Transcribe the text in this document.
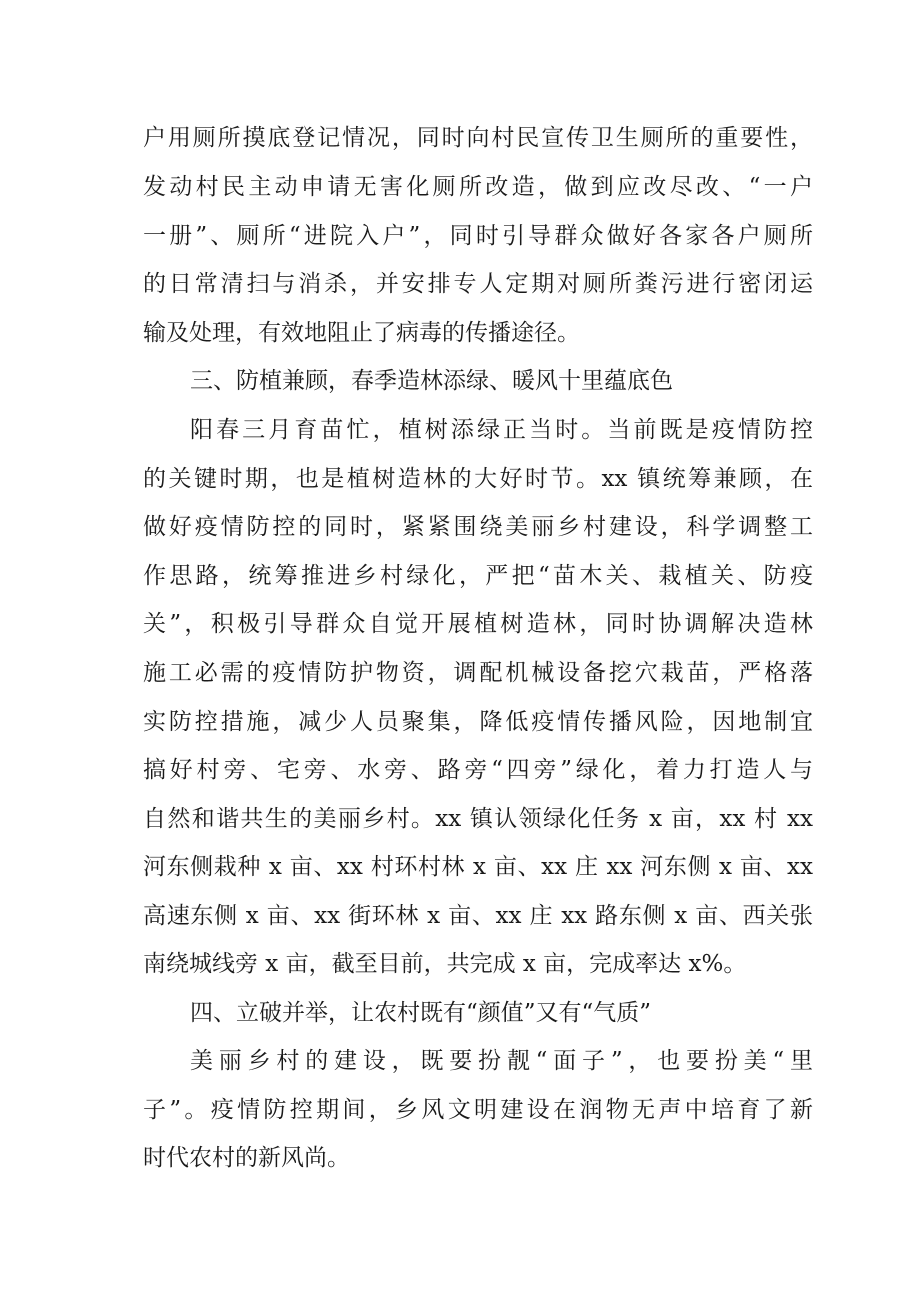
户用厕所摸底登记情况，同时向村民宣传卫生厕所的重要性，
发动村民主动申请无害化厕所改造，做到应改尽改、“一户
一册”、厕所“进院入户”，同时引导群众做好各家各户厕所
的日常清扫与消杀，并安排专人定期对厕所粪污进行密闭运
输及处理，有效地阻止了病毒的传播途径。
三、防植兼顾，春季造林添绿、暖风十里蕴底色
阳春三月育苗忙，植树添绿正当时。当前既是疫情防控
的关键时期，也是植树造林的大好时节。xx 镇统筹兼顾，在
做好疫情防控的同时，紧紧围绕美丽乡村建设，科学调整工
作思路，统筹推进乡村绿化，严把“苗木关、栽植关、防疫
关”，积极引导群众自觉开展植树造林，同时协调解决造林
施工必需的疫情防护物资，调配机械设备挖穴栽苗，严格落
实防控措施，减少人员聚集，降低疫情传播风险，因地制宜
搞好村旁、宅旁、水旁、路旁“四旁”绿化，着力打造人与
自然和谐共生的美丽乡村。xx 镇认领绿化任务 x 亩，xx 村 xx
河东侧栽种 x 亩、xx 村环村林 x 亩、xx 庄 xx 河东侧 x 亩、xx
高速东侧 x 亩、xx 街环林 x 亩、xx 庄 xx 路东侧 x 亩、西关张
南绕城线旁 x 亩，截至目前，共完成 x 亩，完成率达 x%。
四、立破并举，让农村既有“颜值”又有“气质”
美丽乡村的建设，既要扮靓“面子”，也要扮美“里
子”。疫情防控期间，乡风文明建设在润物无声中培育了新
时代农村的新风尚。
